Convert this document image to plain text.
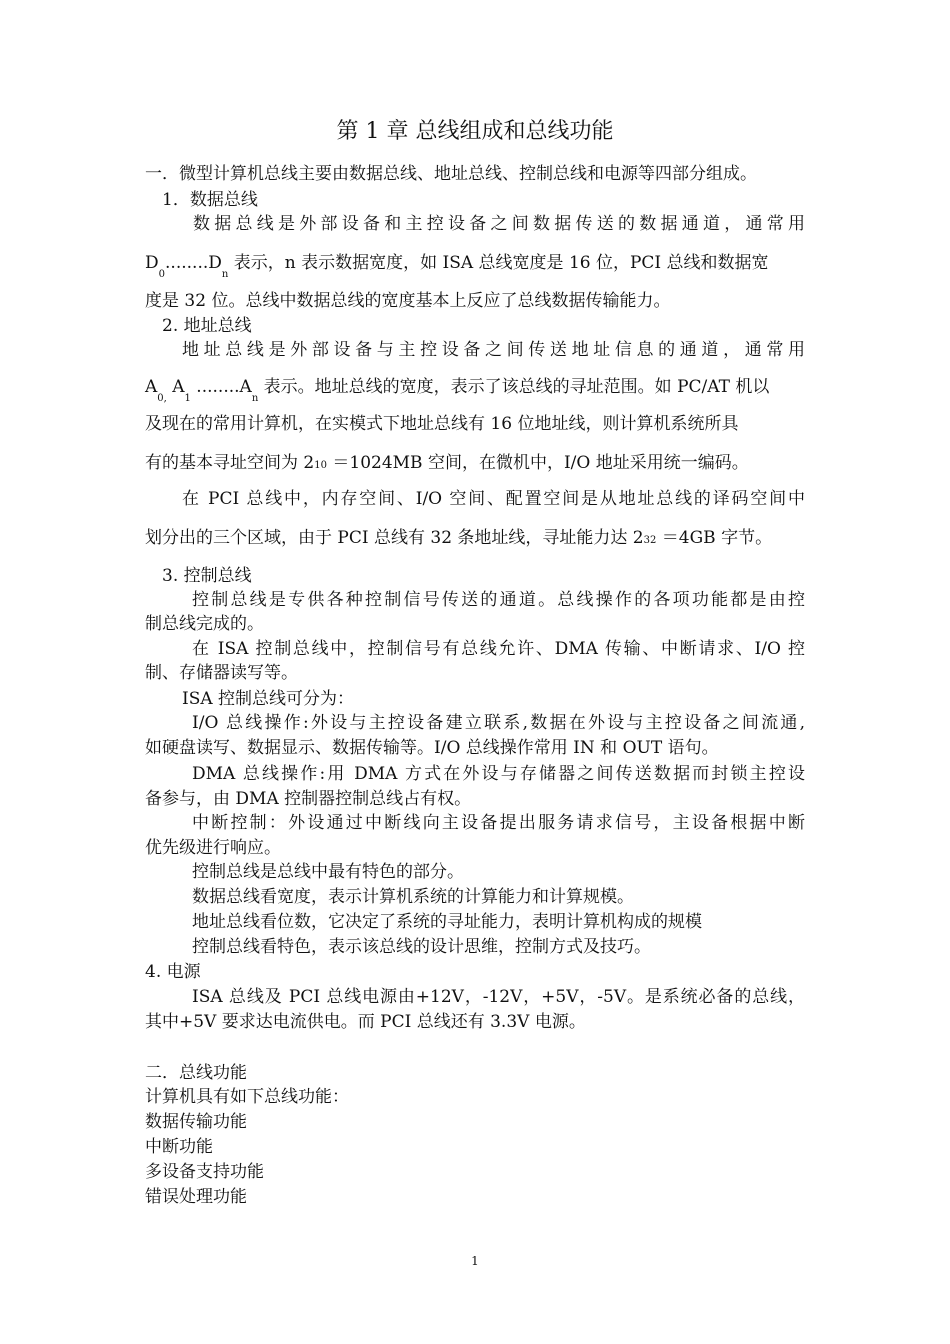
第 1 章 总线组成和总线功能
一．微型计算机总线主要由数据总线、地址总线、控制总线和电源等四部分组成。
1．数据总线
数据总线是外部设备和主控设备之间数据传送的数据通道，通常用
$D_0........D_n$ 表示，n 表示数据宽度，如 ISA 总线宽度是 16 位，PCI 总线和数据宽
度是 32 位。总线中数据总线的宽度基本上反应了总线数据传输能力。
2. 地址总线
地址总线是外部设备与主控设备之间传送地址信息的通道，通常用
$A_{0,}$ $A_1$ $........A_n$ 表示。地址总线的宽度，表示了该总线的寻址范围。如 PC/AT 机以
及现在的常用计算机，在实模式下地址总线有 16 位地址线，则计算机系统所具
有的基本寻址空间为 210 ＝1024MB 空间，在微机中，I/O 地址采用统一编码。
在 PCI 总线中，内存空间、I/O 空间、配置空间是从地址总线的译码空间中
划分出的三个区域，由于 PCI 总线有 32 条地址线，寻址能力达 232 ＝4GB 字节。
3. 控制总线
控制总线是专供各种控制信号传送的通道。总线操作的各项功能都是由控
制总线完成的。
在 ISA 控制总线中，控制信号有总线允许、DMA 传输、中断请求、I/O 控
制、存储器读写等。
ISA 控制总线可分为：
I/O 总线操作:外设与主控设备建立联系,数据在外设与主控设备之间流通,
如硬盘读写、数据显示、数据传输等。I/O 总线操作常用 IN 和 OUT 语句。
DMA 总线操作:用 DMA 方式在外设与存储器之间传送数据而封锁主控设
备参与，由 DMA 控制器控制总线占有权。
中断控制：外设通过中断线向主设备提出服务请求信号，主设备根据中断
优先级进行响应。
控制总线是总线中最有特色的部分。
数据总线看宽度，表示计算机系统的计算能力和计算规模。
地址总线看位数，它决定了系统的寻址能力，表明计算机构成的规模
控制总线看特色，表示该总线的设计思维，控制方式及技巧。
4. 电源
ISA 总线及 PCI 总线电源由+12V，-12V，+5V，-5V。是系统必备的总线，
其中+5V 要求达电流供电。而 PCI 总线还有 3.3V 电源。
二．总线功能
计算机具有如下总线功能：
数据传输功能
中断功能
多设备支持功能
错误处理功能
1
